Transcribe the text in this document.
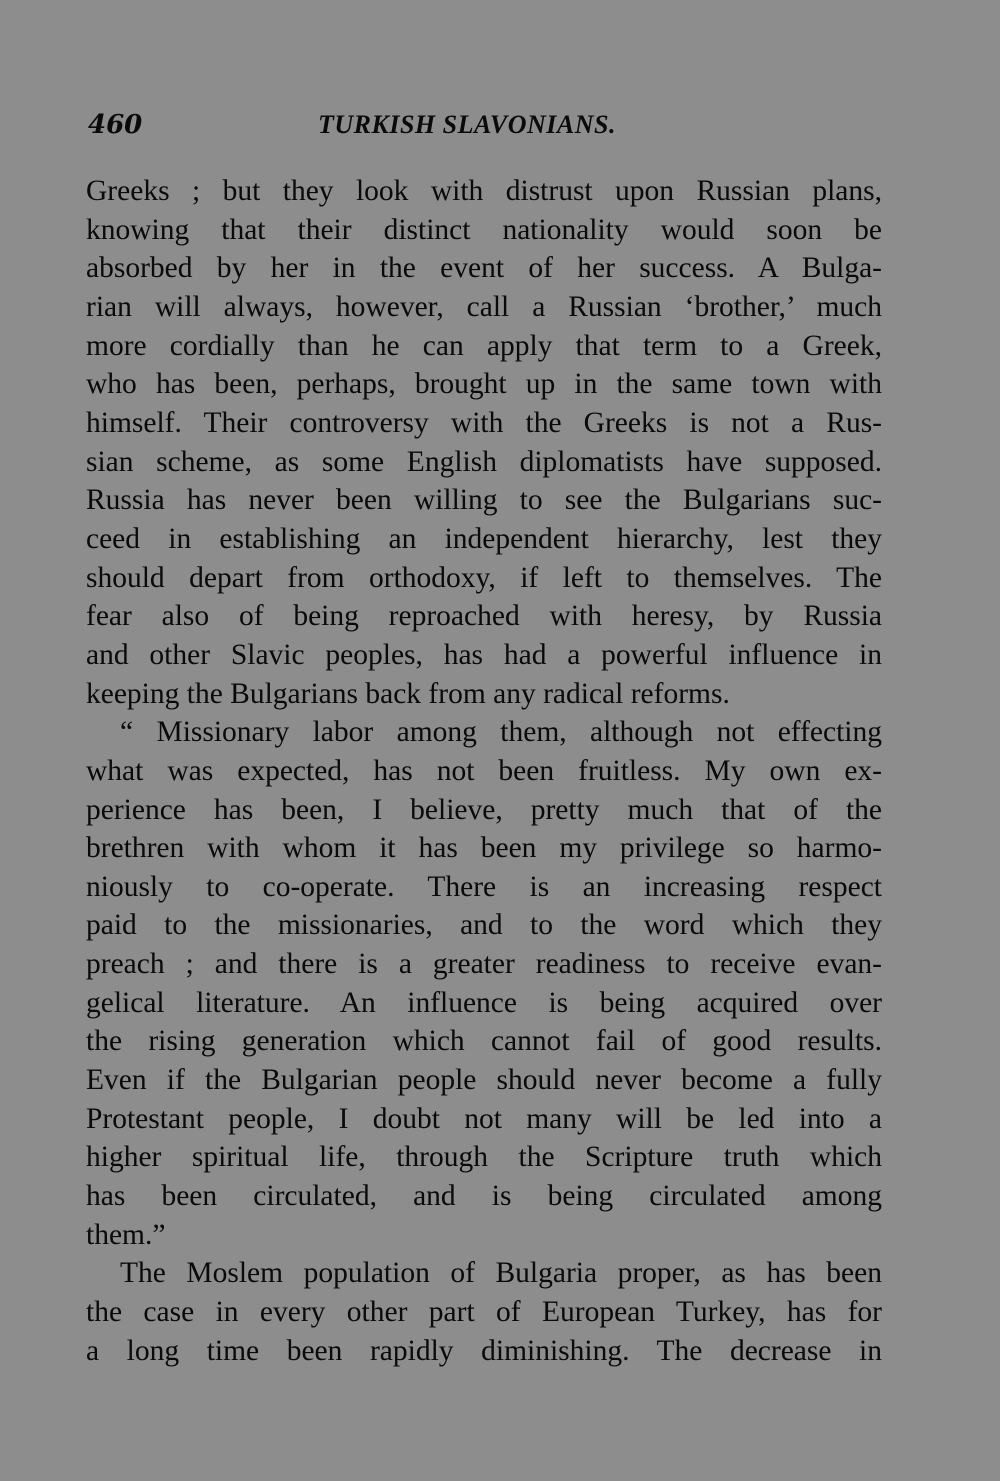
460	TURKISH SLAVONIANS.
Greeks ; but they look with distrust upon Russian plans,
knowing that their distinct nationality would soon be
absorbed by her in the event of her success. A Bulga-
rian will always, however, call a Russian ‘brother,’ much
more cordially than he can apply that term to a Greek,
who has been, perhaps, brought up in the same town with
himself. Their controversy with the Greeks is not a Rus-
sian scheme, as some English diplomatists have supposed.
Russia has never been willing to see the Bulgarians suc-
ceed in establishing an independent hierarchy, lest they
should depart from orthodoxy, if left to themselves. The
fear also of being reproached with heresy, by Russia
and other Slavic peoples, has had a powerful influence in
keeping the Bulgarians back from any radical reforms.
“ Missionary labor among them, although not effecting
what was expected, has not been fruitless. My own ex-
perience has been, I believe, pretty much that of the
brethren with whom it has been my privilege so harmo-
niously to co-operate. There is an increasing respect
paid to the missionaries, and to the word which they
preach ; and there is a greater readiness to receive evan-
gelical literature. An influence is being acquired over
the rising generation which cannot fail of good results.
Even if the Bulgarian people should never become a fully
Protestant people, I doubt not many will be led into a
higher spiritual life, through the Scripture truth which
has been circulated, and is being circulated among
them.”
The Moslem population of Bulgaria proper, as has been
the case in every other part of European Turkey, has for
a long time been rapidly diminishing. The decrease in
